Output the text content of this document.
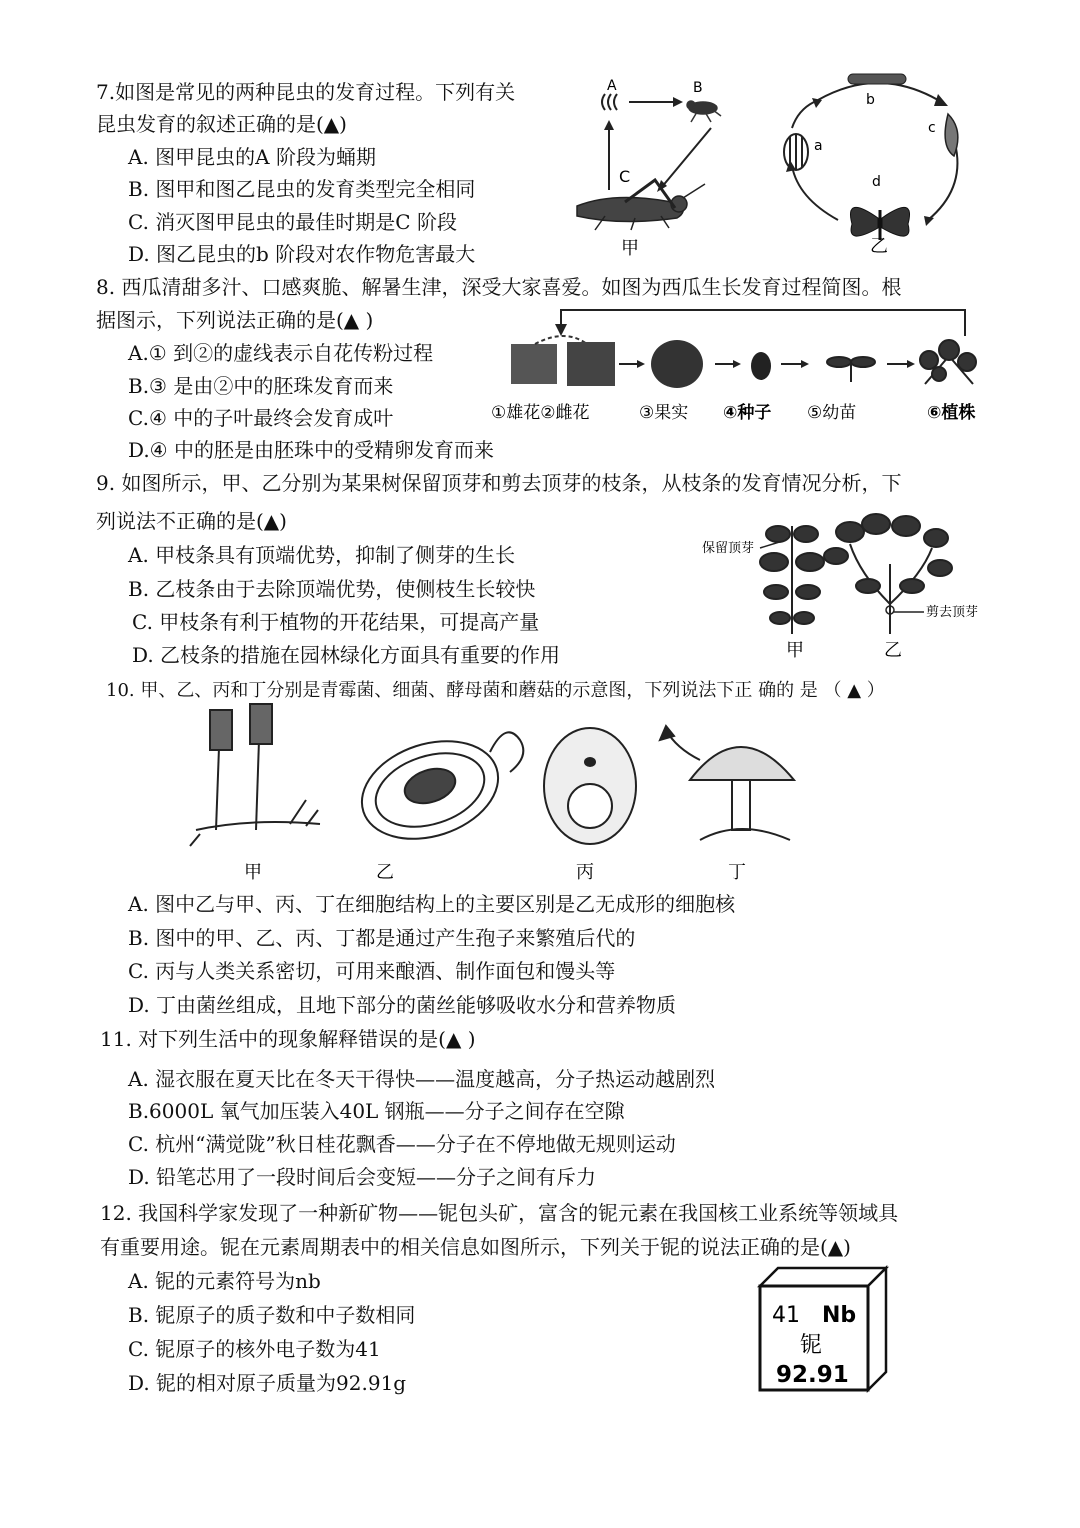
7.如图是常见的两种昆虫的发育过程。下列有关
昆虫发育的叙述正确的是(▲)
A. 图甲昆虫的A 阶段为蛹期
B. 图甲和图乙昆虫的发育类型完全相同
C. 消灭图甲昆虫的最佳时期是C 阶段
D. 图乙昆虫的b 阶段对农作物危害最大
A	B
C
甲
b
c
a
d
乙
8. 西瓜清甜多汁、口感爽脆、解暑生津，深受大家喜爱。如图为西瓜生长发育过程简图。根
据图示，下列说法正确的是(▲ )
A.① 到②的虚线表示自花传粉过程
B.③ 是由②中的胚珠发育而来
C.④ 中的子叶最终会发育成叶
D.④ 中的胚是由胚珠中的受精卵发育而来
①雄花②雌花	③果实 ④种子 ⑤幼苗	⑥植株
9. 如图所示，甲、乙分别为某果树保留顶芽和剪去顶芽的枝条，从枝条的发育情况分析，下
列说法不正确的是(▲)
A. 甲枝条具有顶端优势，抑制了侧芽的生长
B. 乙枝条由于去除顶端优势，使侧枝生长较快
C. 甲枝条有利于植物的开花结果，可提高产量
D. 乙枝条的措施在园林绿化方面具有重要的作用
保留顶芽
甲
剪去顶芽
乙
10. 甲、乙、丙和丁分别是青霉菌、细菌、酵母菌和蘑菇的示意图，下列说法下正 确的 是 （ ▲ ）
甲	乙	丙	丁
A. 图中乙与甲、丙、丁在细胞结构上的主要区别是乙无成形的细胞核
B. 图中的甲、乙、丙、丁都是通过产生孢子来繁殖后代的
C. 丙与人类关系密切，可用来酿酒、制作面包和馒头等
D. 丁由菌丝组成，且地下部分的菌丝能够吸收水分和营养物质
11. 对下列生活中的现象解释错误的是(▲ )
A. 湿衣服在夏天比在冬天干得快——温度越高，分子热运动越剧烈
B.6000L 氧气加压装入40L 钢瓶——分子之间存在空隙
C. 杭州“满觉陇”秋日桂花飘香——分子在不停地做无规则运动
D. 铅笔芯用了一段时间后会变短——分子之间有斥力
12. 我国科学家发现了一种新矿物——铌包头矿，富含的铌元素在我国核工业系统等领域具
有重要用途。铌在元素周期表中的相关信息如图所示，下列关于铌的说法正确的是(▲)
A. 铌的元素符号为nb
B. 铌原子的质子数和中子数相同
C. 铌原子的核外电子数为41
D. 铌的相对原子质量为92.91g
41 Nb
铌
92.91
